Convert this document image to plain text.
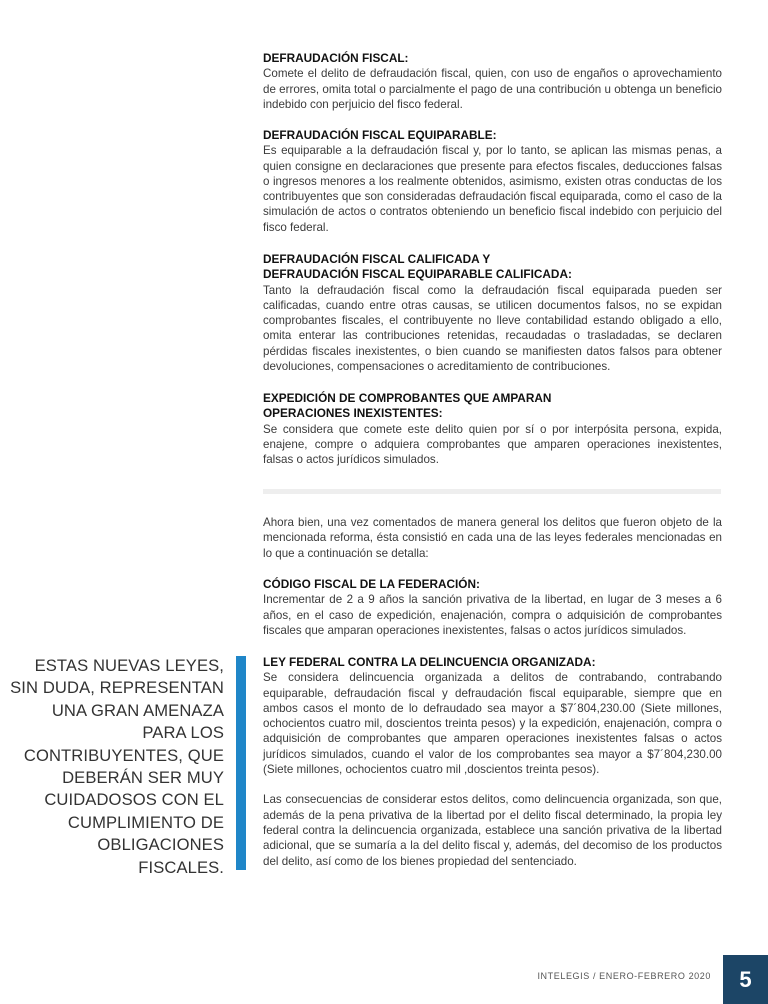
DEFRAUDACIÓN FISCAL:

Comete el delito de defraudación fiscal, quien, con uso de engaños o aprovechamiento de errores, omita total o parcialmente el pago de una contribución u obtenga un beneficio indebido con perjuicio del fisco federal.

DEFRAUDACIÓN FISCAL EQUIPARABLE:

Es equiparable a la defraudación fiscal y, por lo tanto, se aplican las mismas penas, a quien consigne en declaraciones que presente para efectos fiscales, deducciones falsas o ingresos menores a los realmente obtenidos, asimismo, existen otras conductas de los contribuyentes que son consideradas defraudación fiscal equiparada, como el caso de la simulación de actos o contratos obteniendo un beneficio fiscal indebido con perjuicio del fisco federal.

DEFRAUDACIÓN FISCAL CALIFICADA Y

DEFRAUDACIÓN FISCAL EQUIPARABLE CALIFICADA:

Tanto la defraudación fiscal como la defraudación fiscal equiparada pueden ser calificadas, cuando entre otras causas, se utilicen documentos falsos, no se expidan comprobantes fiscales, el contribuyente no lleve contabilidad estando obligado a ello, omita enterar las contribuciones retenidas, recaudadas o trasladadas, se declaren pérdidas fiscales inexistentes, o bien cuando se manifiesten datos falsos para obtener devoluciones, compensaciones o acreditamiento de contribuciones.

EXPEDICIÓN DE COMPROBANTES QUE AMPARAN

OPERACIONES INEXISTENTES:

Se considera que comete este delito quien por sí o por interpósita persona, expida, enajene, compre o adquiera comprobantes que amparen operaciones inexistentes, falsas o actos jurídicos simulados.

Ahora bien, una vez comentados de manera general los delitos que fueron objeto de la mencionada reforma, ésta consistió en cada una de las leyes federales mencionadas en lo que a continuación se detalla:

CÓDIGO FISCAL DE LA FEDERACIÓN:

Incrementar de 2 a 9 años la sanción privativa de la libertad, en lugar de 3 meses a 6 años, en el caso de expedición, enajenación, compra o adquisición de comprobantes fiscales que amparan operaciones inexistentes, falsas o actos jurídicos simulados.

LEY FEDERAL CONTRA LA DELINCUENCIA ORGANIZADA:

Se considera delincuencia organizada a delitos de contrabando, contrabando equiparable, defraudación fiscal y defraudación fiscal equiparable, siempre que en ambos casos el monto de lo defraudado sea mayor a $7´804,230.00 (Siete millones, ochocientos cuatro mil, doscientos treinta pesos) y la expedición, enajenación, compra o adquisición de comprobantes que amparen operaciones inexistentes falsas o actos jurídicos simulados, cuando el valor de los comprobantes sea mayor a $7´804,230.00 (Siete millones, ochocientos cuatro mil ,doscientos treinta pesos).

Las consecuencias de considerar estos delitos, como delincuencia organizada, son que, además de la pena privativa de la libertad por el delito fiscal determinado, la propia ley federal contra la delincuencia organizada, establece una sanción privativa de la libertad adicional, que se sumaría a la del delito fiscal y, además, del decomiso de los productos del delito, así como de los bienes propiedad del sentenciado.

ESTAS NUEVAS LEYES, SIN DUDA, REPRESENTAN UNA GRAN AMENAZA PARA LOS CONTRIBUYENTES, QUE DEBERÁN SER MUY CUIDADOSOS CON EL CUMPLIMIENTO DE OBLIGACIONES FISCALES.
INTELEGIS / ENERO-FEBRERO 2020	5
